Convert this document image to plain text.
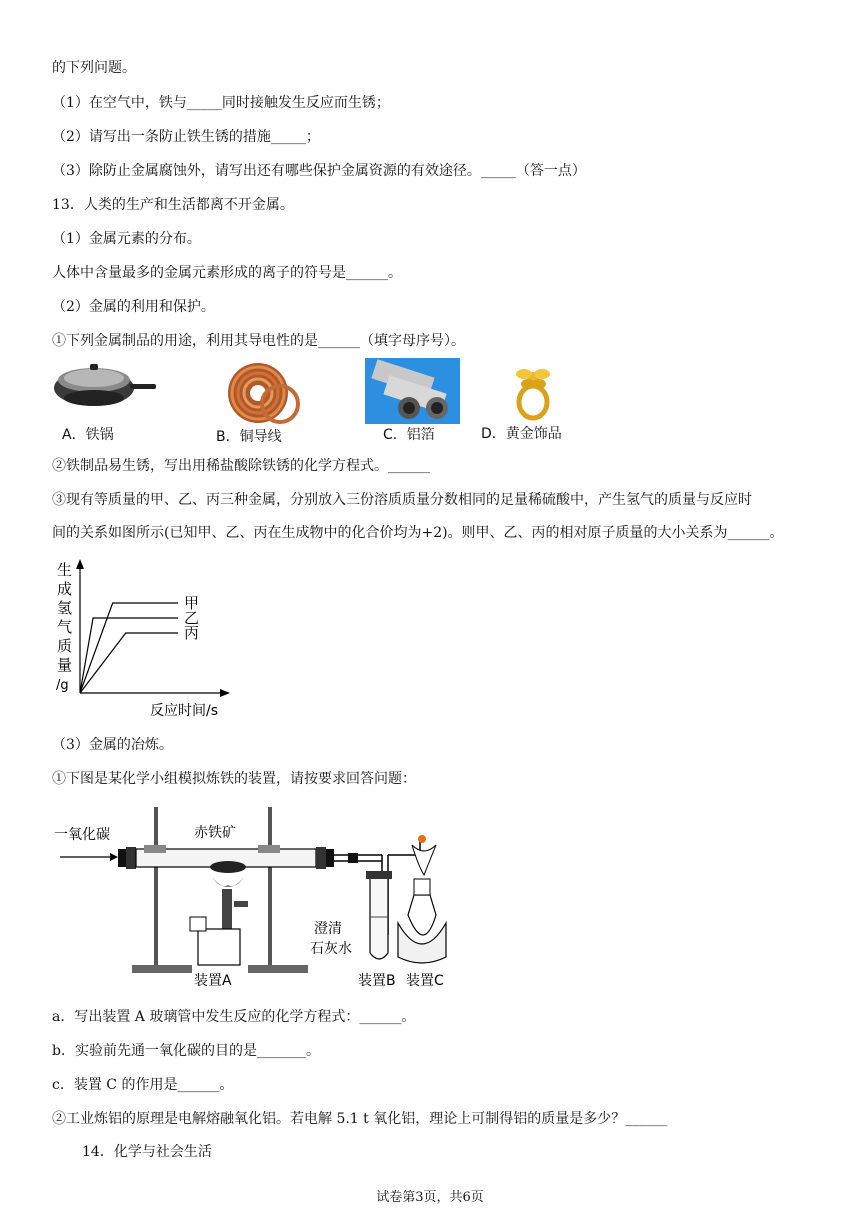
的下列问题。
（1）在空气中，铁与_____同时接触发生反应而生锈；
（2）请写出一条防止铁生锈的措施_____；
（3）除防止金属腐蚀外，请写出还有哪些保护金属资源的有效途径。_____（答一点）
13．人类的生产和生活都离不开金属。
（1）金属元素的分布。
人体中含量最多的金属元素形成的离子的符号是______。
（2）金属的利用和保护。
①下列金属制品的用途，利用其导电性的是______（填字母序号）。
A．铁锅	B．铜导线	C．铝箔	D．黄金饰品
②铁制品易生锈，写出用稀盐酸除铁锈的化学方程式。______
③现有等质量的甲、乙、丙三种金属，分别放入三份溶质质量分数相同的足量稀硫酸中，产生氢气的质量与反应时
间的关系如图所示(已知甲、乙、丙在生成物中的化合价均为+2)。则甲、乙、丙的相对原子质量的大小关系为______。
生
成
氢
气
质
量
/g
甲
乙
丙
反应时间/s
（3）金属的冶炼。
①下图是某化学小组模拟炼铁的装置，请按要求回答问题：
一氧化碳	赤铁矿
装置A
澄清
石灰水
装置B 装置C
a．写出装置 A 玻璃管中发生反应的化学方程式：______。
b．实验前先通一氧化碳的目的是_______。
c．装置 C 的作用是______。
②工业炼铝的原理是电解熔融氧化铝。若电解 5.1 t 氧化铝，理论上可制得铝的质量是多少？______
14．化学与社会生活
试卷第3页，共6页
